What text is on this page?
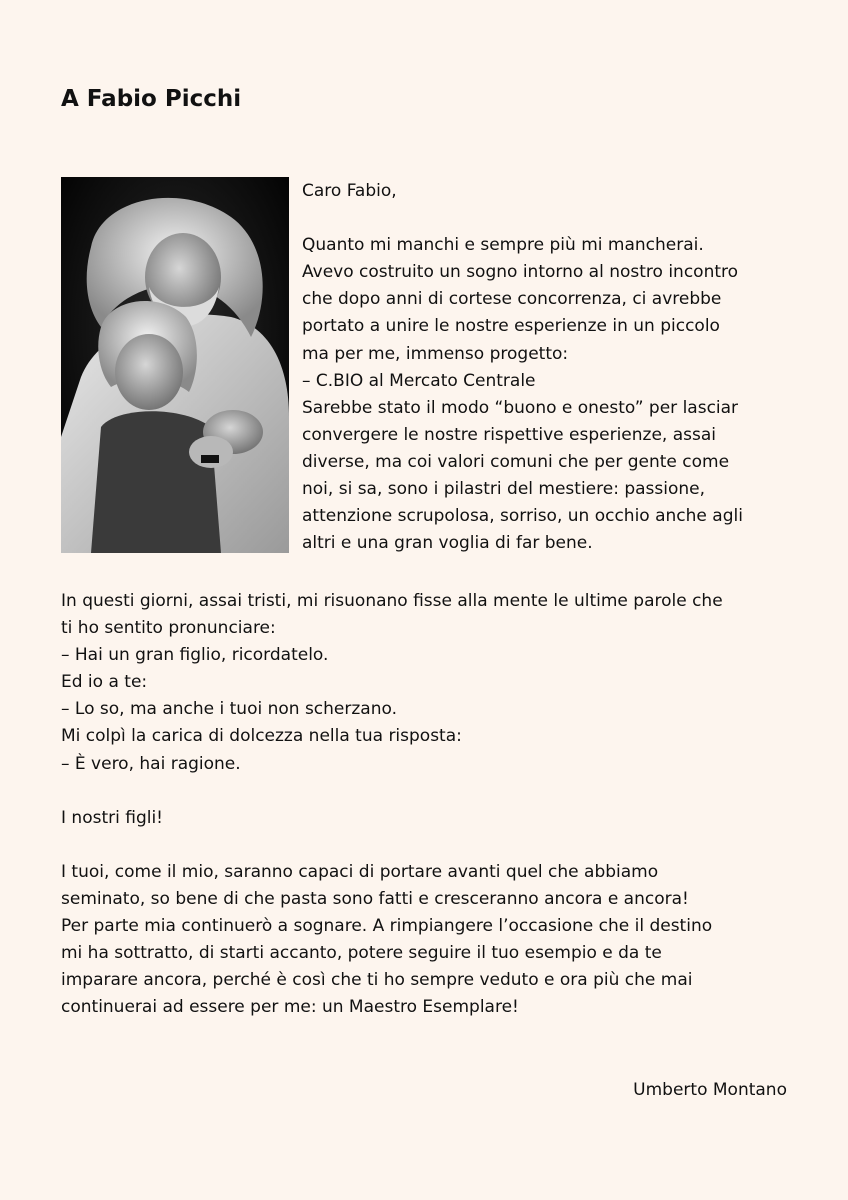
A Fabio Picchi
Caro Fabio,
Quanto mi manchi e sempre più mi mancherai.
Avevo costruito un sogno intorno al nostro incontro
che dopo anni di cortese concorrenza, ci avrebbe
portato a unire le nostre esperienze in un piccolo
ma per me, immenso progetto:
– C.BIO al Mercato Centrale
Sarebbe stato il modo “buono e onesto” per lasciar
convergere le nostre rispettive esperienze, assai
diverse, ma coi valori comuni che per gente come
noi, si sa, sono i pilastri del mestiere: passione,
attenzione scrupolosa, sorriso, un occhio anche agli
altri e una gran voglia di far bene.
In questi giorni, assai tristi, mi risuonano fisse alla mente le ultime parole che
ti ho sentito pronunciare:
– Hai un gran figlio, ricordatelo.
Ed io a te:
– Lo so, ma anche i tuoi non scherzano.
Mi colpì la carica di dolcezza nella tua risposta:
– È vero, hai ragione.
I nostri figli!
I tuoi, come il mio, saranno capaci di portare avanti quel che abbiamo
seminato, so bene di che pasta sono fatti e cresceranno ancora e ancora!
Per parte mia continuerò a sognare. A rimpiangere l’occasione che il destino
mi ha sottratto, di starti accanto, potere seguire il tuo esempio e da te
imparare ancora, perché è così che ti ho sempre veduto e ora più che mai
continuerai ad essere per me: un Maestro Esemplare!
Umberto Montano
